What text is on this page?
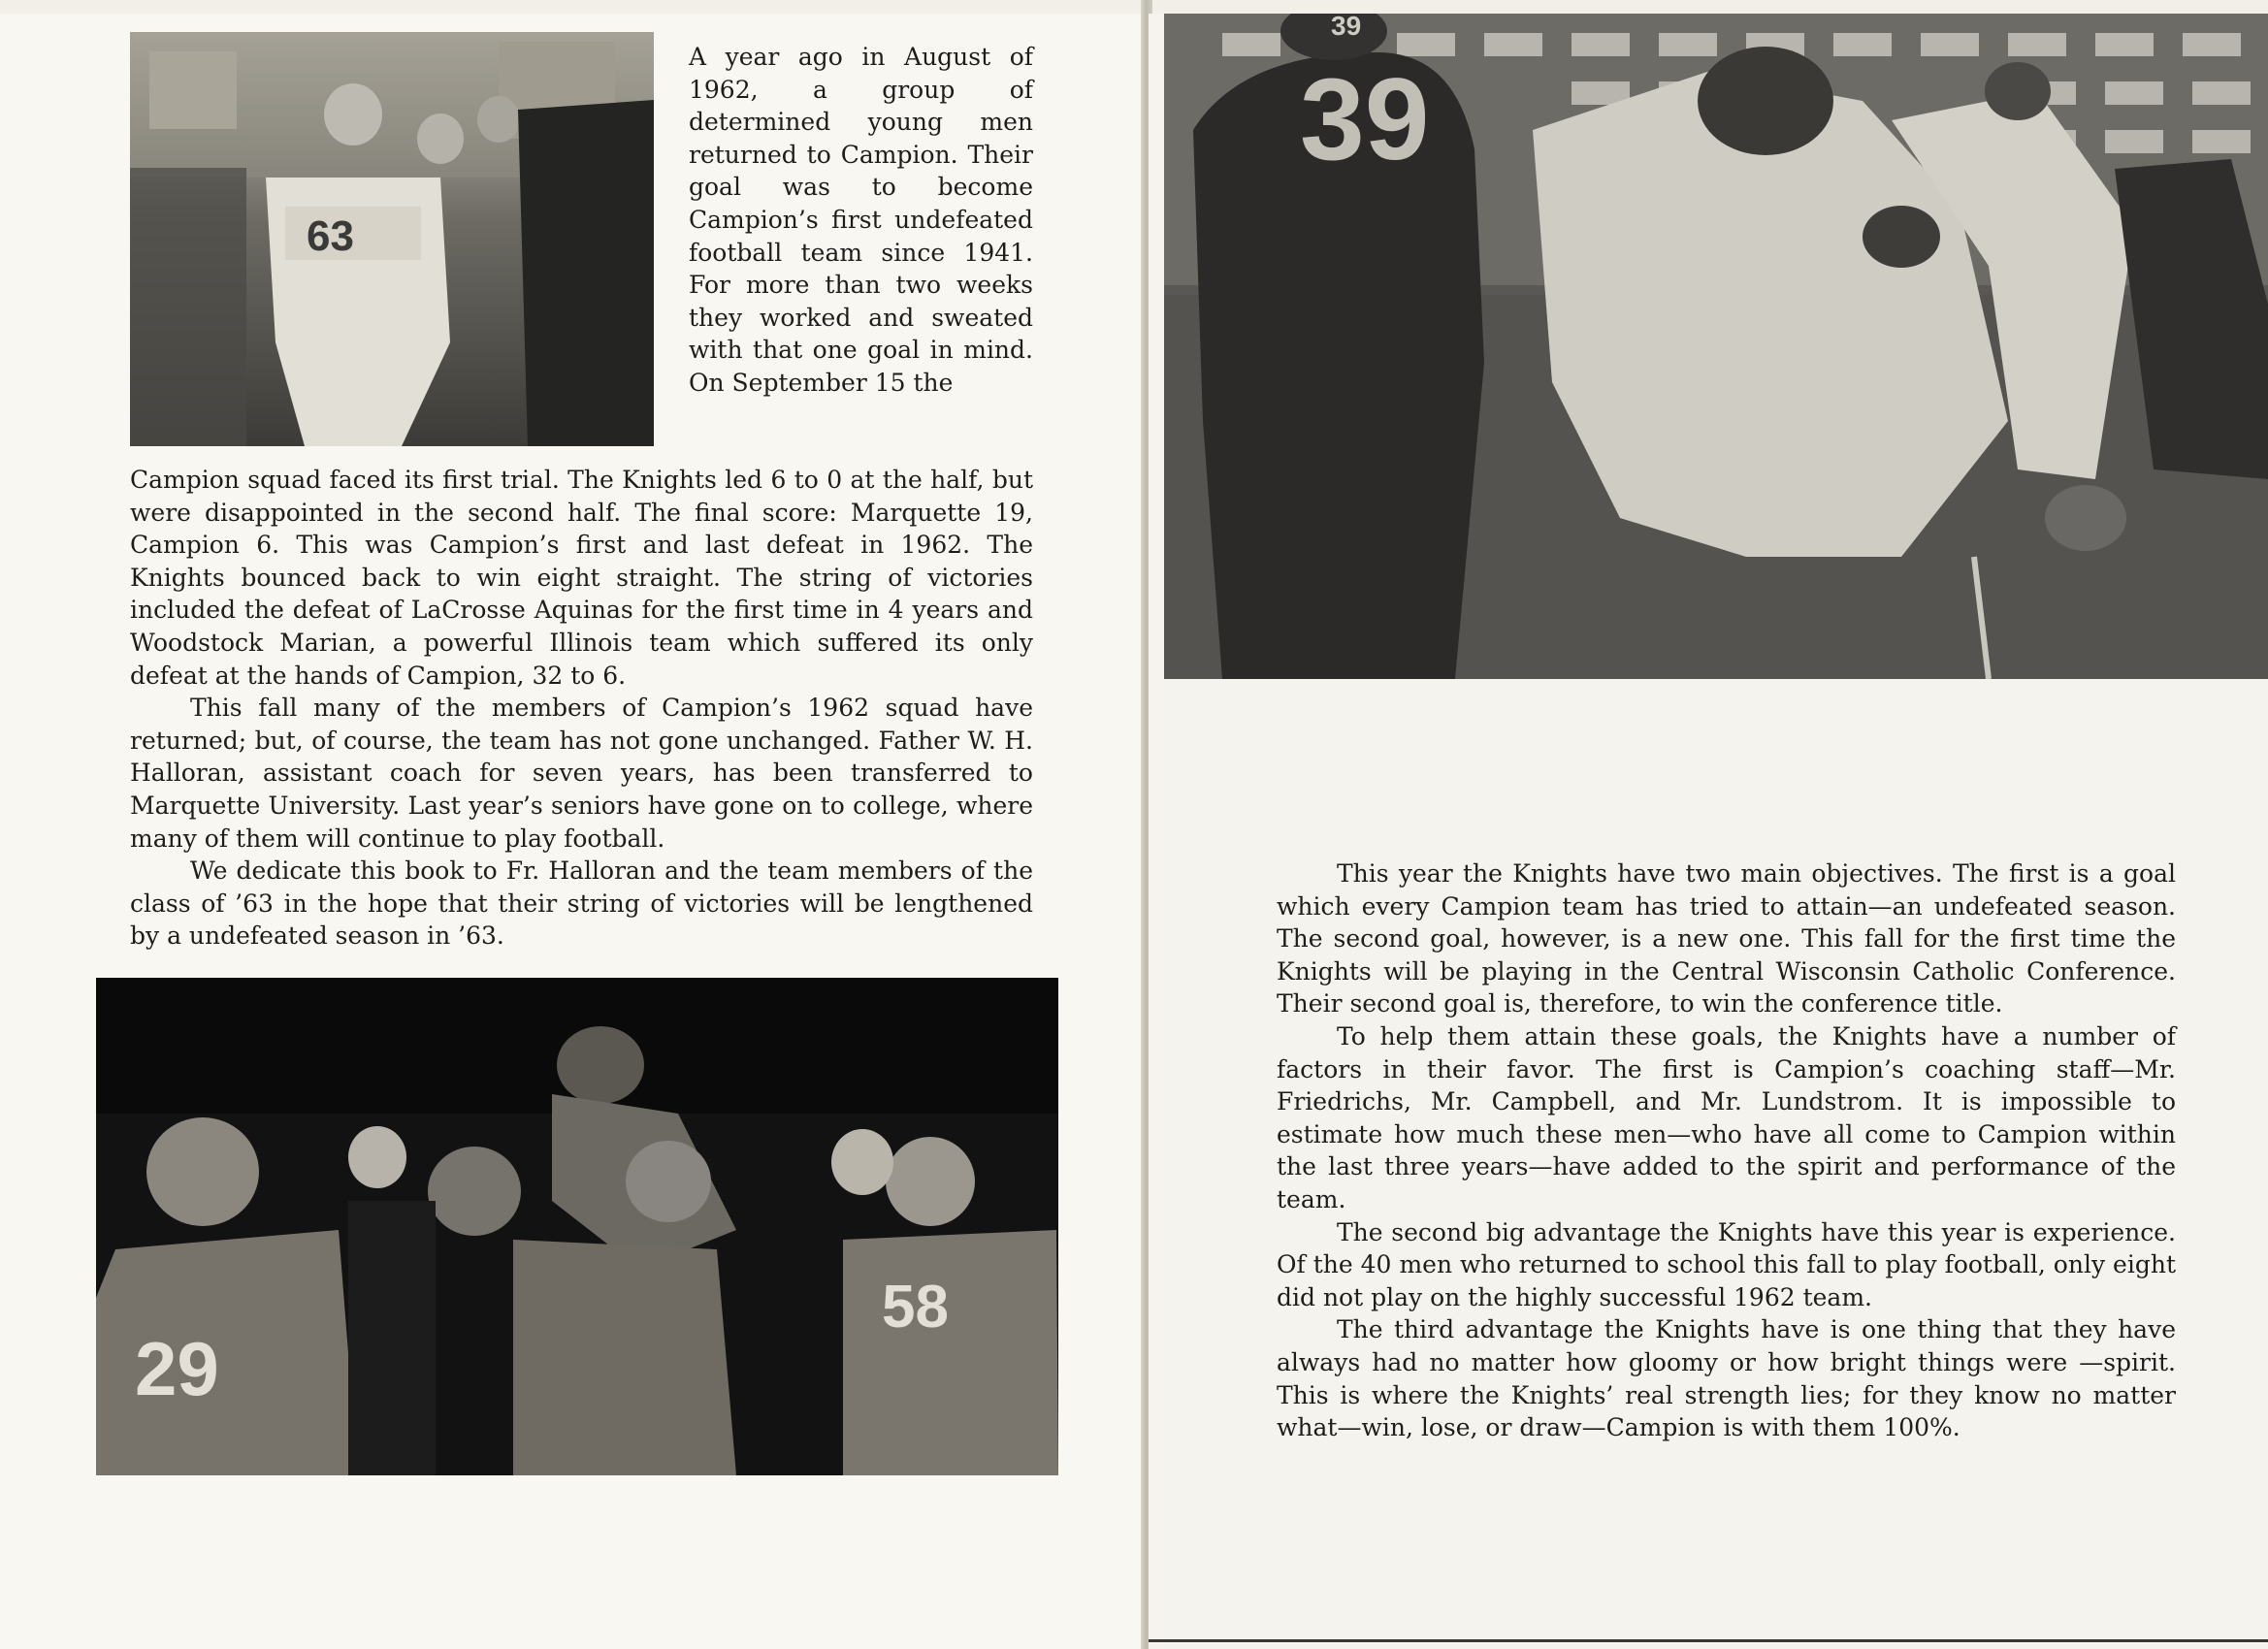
63
A year ago in August of 1962, a group of determined young men returned to Campion. Their goal was to become Campion’s first undefeated football team since 1941. For more than two weeks they worked and sweated with that one goal in mind. On September 15 the

Campion squad faced its first trial. The Knights led 6 to 0 at the half, but were disappointed in the second half. The final score: Marquette 19, Campion 6. This was Campion’s first and last defeat in 1962. The Knights bounced back to win eight straight. The string of victories included the defeat of LaCrosse Aquinas for the first time in 4 years and Woodstock Marian, a powerful Illinois team which suffered its only defeat at the hands of Campion, 32 to 6.

This fall many of the members of Campion’s 1962 squad have returned; but, of course, the team has not gone unchanged. Father W. H. Halloran, assistant coach for seven years, has been transferred to Marquette University. Last year’s seniors have gone on to college, where many of them will continue to play football.

We dedicate this book to Fr. Halloran and the team members of the class of ’63 in the hope that their string of victories will be lengthened by a undefeated season in ’63.

29
58
39
39

This year the Knights have two main objectives. The first is a goal which every Campion team has tried to attain—an undefeated season. The second goal, however, is a new one. This fall for the first time the Knights will be playing in the Central Wisconsin Catholic Conference. Their second goal is, therefore, to win the conference title.

To help them attain these goals, the Knights have a number of factors in their favor. The first is Campion’s coaching staff—Mr. Friedrichs, Mr. Campbell, and Mr. Lundstrom. It is impossible to estimate how much these men—who have all come to Campion within the last three years—have added to the spirit and performance of the team.

The second big advantage the Knights have this year is experience. Of the 40 men who returned to school this fall to play football, only eight did not play on the highly successful 1962 team.

The third advantage the Knights have is one thing that they have always had no matter how gloomy or how bright things were —spirit. This is where the Knights’ real strength lies; for they know no matter what—win, lose, or draw—Campion is with them 100%.
